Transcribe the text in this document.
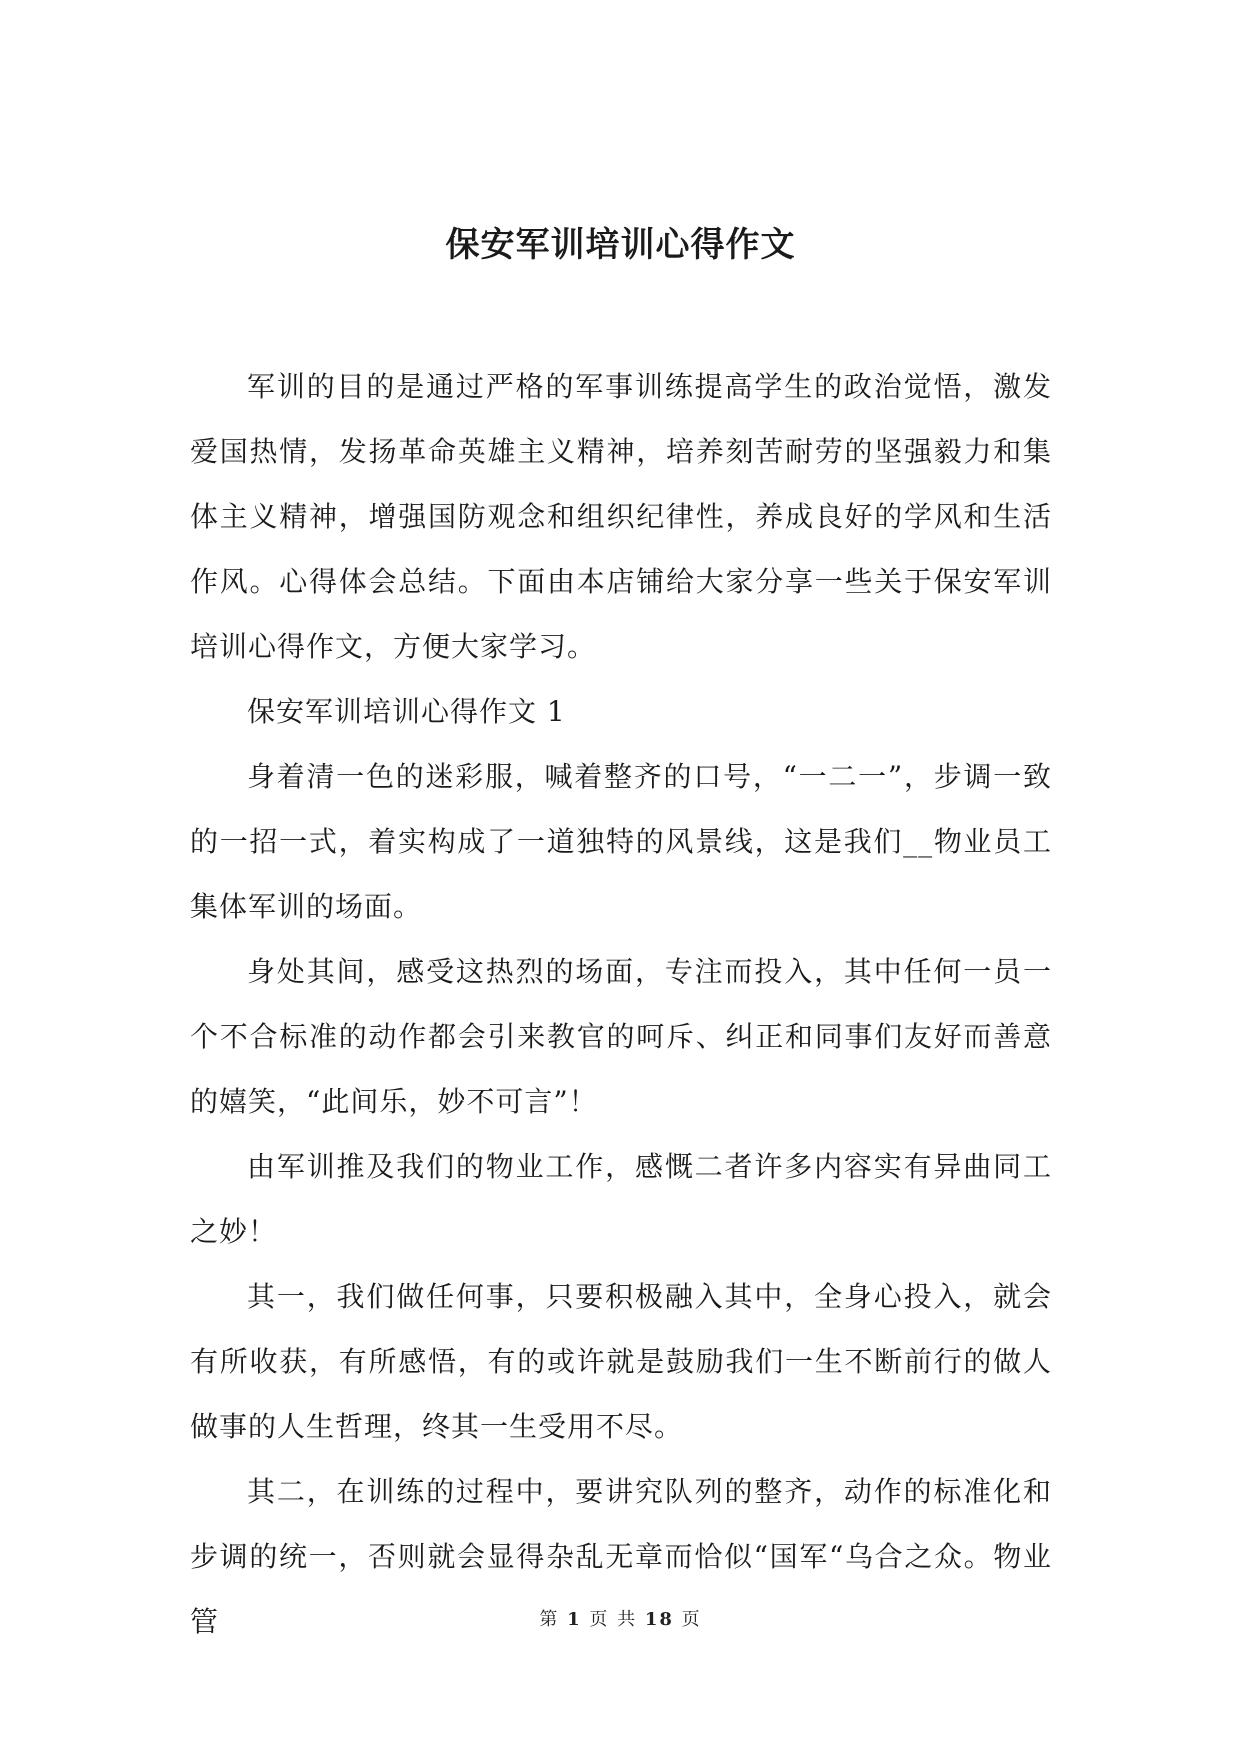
保安军训培训心得作文

军训的目的是通过严格的军事训练提高学生的政治觉悟，激发爱国热情，发扬革命英雄主义精神，培养刻苦耐劳的坚强毅力和集体主义精神，增强国防观念和组织纪律性，养成良好的学风和生活作风。心得体会总结。下面由本店铺给大家分享一些关于保安军训培训心得作文，方便大家学习。

保安军训培训心得作文 1

身着清一色的迷彩服，喊着整齐的口号，“一二一”，步调一致的一招一式，着实构成了一道独特的风景线，这是我们__物业员工集体军训的场面。

身处其间，感受这热烈的场面，专注而投入，其中任何一员一个不合标准的动作都会引来教官的呵斥、纠正和同事们友好而善意的嬉笑，“此间乐，妙不可言”！

由军训推及我们的物业工作，感慨二者许多内容实有异曲同工之妙！

其一，我们做任何事，只要积极融入其中，全身心投入，就会有所收获，有所感悟，有的或许就是鼓励我们一生不断前行的做人做事的人生哲理，终其一生受用不尽。

其二，在训练的过程中，要讲究队列的整齐，动作的标准化和步调的统一，否则就会显得杂乱无章而恰似“国军“乌合之众。物业管	第 1 页 共 18 页
